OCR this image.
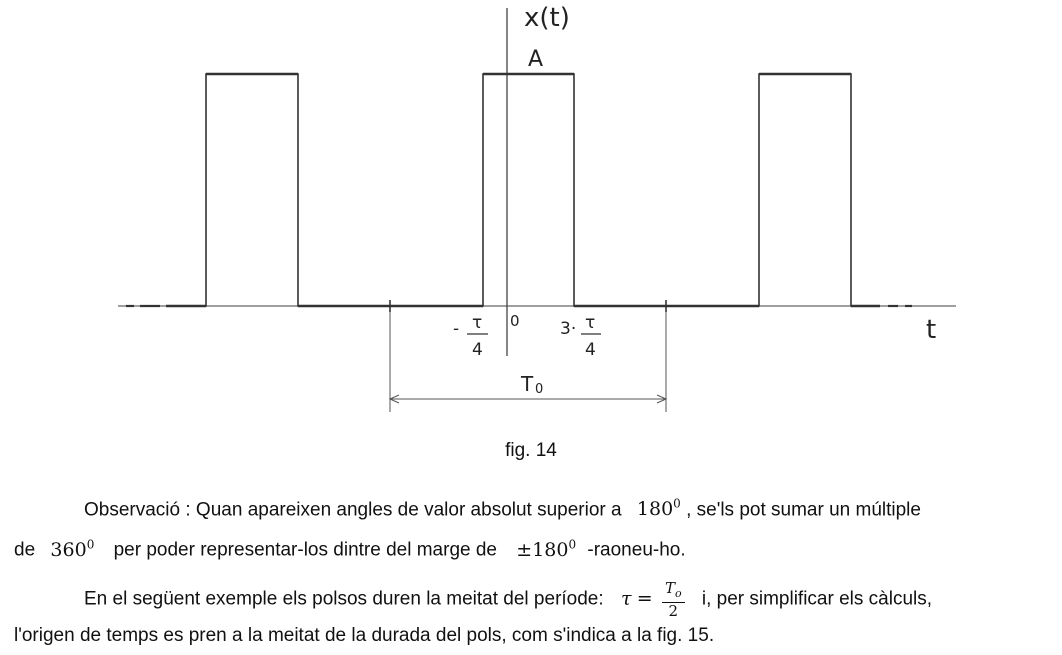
x(t)
A
t
0
- τ
4
3· τ
4
T 0
fig. 14
Observació : Quan apareixen angles de valor absolut superior a $180^0$ , se'ls pot sumar un múltiple
de $360^0$ per poder representar-los dintre del marge de $\pm 180^0$ -raoneu-ho.
En el següent exemple els polsos duren la meitat del període: $\tau = \frac{T_o}{2} i$, per simplificar els càlculs,
l'origen de temps es pren a la meitat de la durada del pols, com s'indica a la fig. 15.
